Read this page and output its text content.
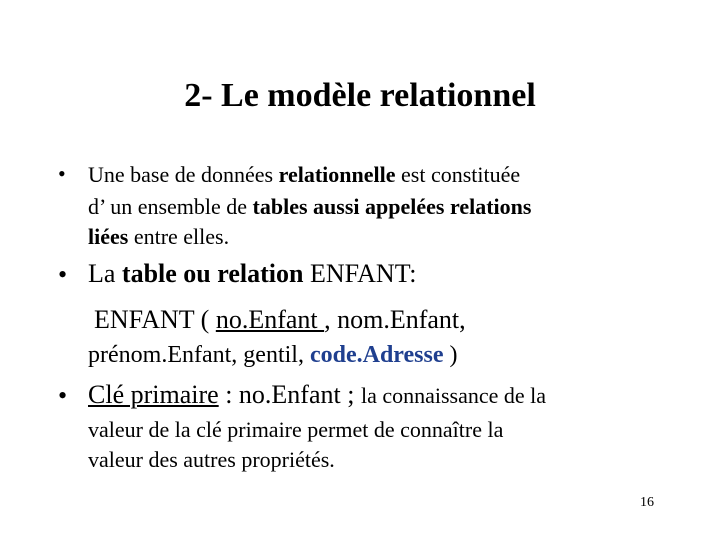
2- Le modèle relationnel
• Une base de données relationnelle est constituée
d’ un ensemble de tables aussi appelées relations
liées entre elles.
• La table ou relation ENFANT:
ENFANT ( no.Enfant , nom.Enfant,
prénom.Enfant, gentil, code.Adresse )
• Clé primaire : no.Enfant ; la connaissance de la
valeur de la clé primaire permet de connaître la
valeur des autres propriétés.
16
